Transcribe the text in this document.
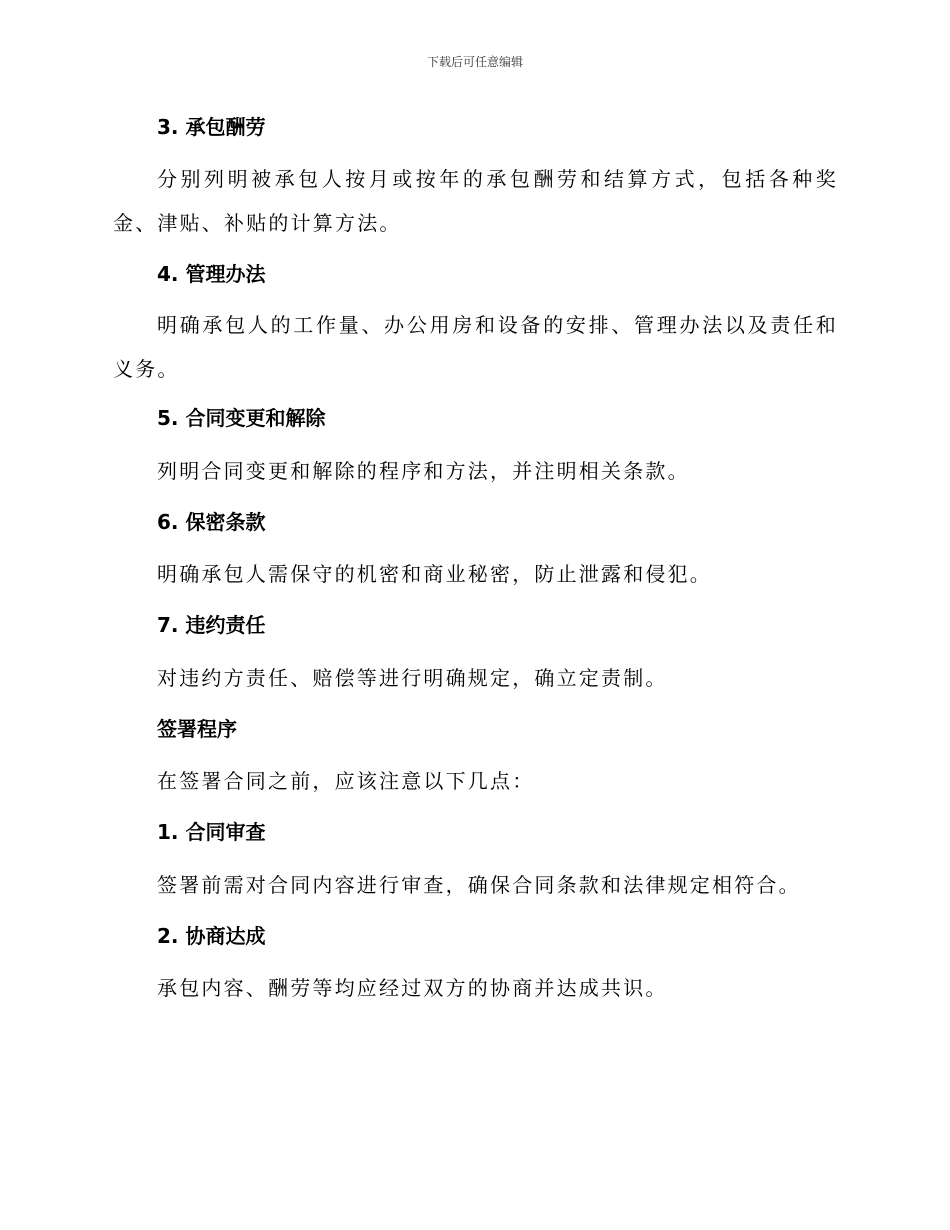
下载后可任意编辑
3. 承包酬劳
分别列明被承包人按月或按年的承包酬劳和结算方式，包括各种奖金、津贴、补贴的计算方法。
4. 管理办法
明确承包人的工作量、办公用房和设备的安排、管理办法以及责任和义务。
5. 合同变更和解除
列明合同变更和解除的程序和方法，并注明相关条款。
6. 保密条款
明确承包人需保守的机密和商业秘密，防止泄露和侵犯。
7. 违约责任
对违约方责任、赔偿等进行明确规定，确立定责制。
签署程序
在签署合同之前，应该注意以下几点：
1. 合同审查
签署前需对合同内容进行审查，确保合同条款和法律规定相符合。
2. 协商达成
承包内容、酬劳等均应经过双方的协商并达成共识。
